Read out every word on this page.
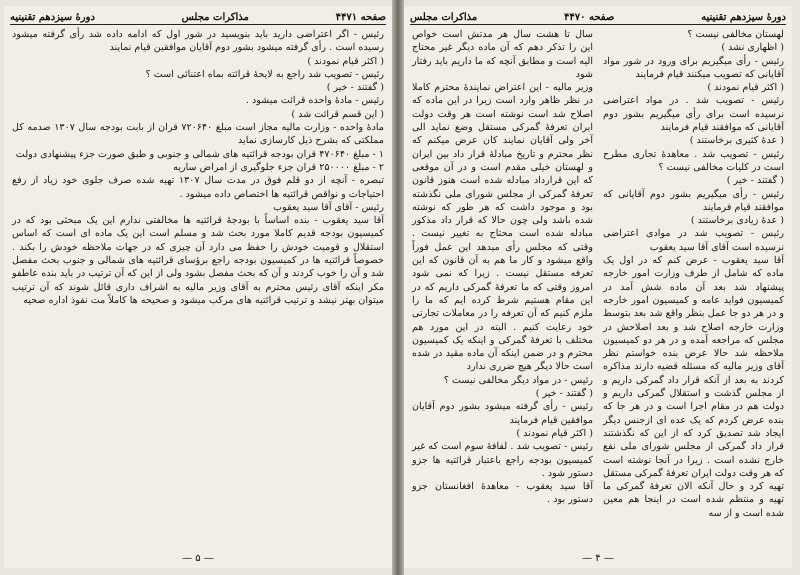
صفحه ۴۴۷۱
مذاکرات مجلس
دورهٔ سیزدهم تقنینیه

رئیس - اگر اعتراضی دارید باید بنویسید در شور اول که ادامه داده شد رأی گرفته میشود رسیده است . رأی گرفته میشود بشور دوم آقایان موافقین قیام نمایند
( اکثر قیام نمودند )
رئیس - تصویب شد راجع به لایحهٔ قرائته بماه اعتنائی است ؟
( گفتند - خیر )
رئیس - مادهٔ واحده قرائت میشود .
( این قسم قرائت شد )
مادهٔ واحده - وزارت مالیه مجاز است مبلغ ۷۲۰۶۴۰ قران از بابت بودجه سال ۱۳۰۷ صدمه کل مملکتی که بشرح ذیل کارسازی نماید
۱ - مبلغ ۴۷۰۶۴۰ قران بودجه قرائتیه های شمالی و جنوبی و طبق صورت جزء پیشنهادی دولت
۲ - مبلغ ۲۵۰۰۰۰ قران جزء جلوگیری از امراض ساریه
تبصره - آنچه از دو قلم فوق در مدت سال ۱۳۰۷ تهیه شده صرف جلوی خود زیاد از رفع احتیاجات و نواقص قرائتیه ها اختصاص داده میشود .
رئیس - آقای آقا سید یعقوب
آقا سید یعقوب - بنده اساساً با بودجهٔ قرائتیه ها مخالفتی ندارم این یک مبحثی بود که در کمیسیون بودجه قدیم کاملا مورد بحث شد و مسلم است این یک ماده ای است که اساس استقلال و قومیت خودش را حفظ می دارد آن چیزی که در جهات ملاحظه خودش را بکند . خصوصاً قرائتیه ها در کمیسیون بودجه راجع برؤسای قرائتیه های شمالی و جنوب بحث مفصل شد و آن را خوب کردند و آن که بحث مفصل بشود ولی از این که آن ترتیب در باید بنده عاطفو مکر اینکه آقای رئیس محترم به آقای وزیر مالیه به اشراف داری قائل شوند که آن ترتیب میتوان بهتر نیشد و ترتیب قرائتیه های مرکب میشود و صحیحه ها کاملاً مت نفوذ اداره صحیه

— ۵ —
دورهٔ سیزدهم تقنینیه
صفحه ۴۴۷۰
مذاکرات مجلس

لهستان مخالفی نیست ؟
( اظهاری نشد )
رئیس - رأی میگیریم برای ورود در شور مواد آقایانی که تصویب میکنند قیام فرمایند
( اکثر قیام نمودند )
رئیس - تصویب شد . در مواد اعتراضی نرسیده است برای رأی میگیریم بشور دوم آقایانی که موافقند قیام فرمایند
( عدهٔ کثیری برخاستند )
رئیس - تصویب شد . معاهدهٔ تجاری مطرح است در کلیات مخالفی نیست ؟
( گفتند - خیر )
رئیس - رأی میگیریم بشور دوم آقایانی که موافقند قیام فرمایند
( عدهٔ زیادی برخاستند )
رئیس - تصویب شد در موادی اعتراضی نرسیده است آقای آقا سید یعقوب
آقا سید یعقوب - عرض کنم که در اول یک ماده که شامل از طرف وزارت امور خارجه پیشنهاد شد بعد آن ماده شش آمد در کمیسیون فواید عامه و کمیسیون امور خارجه و در هر دو جا عمل بنظر واقع شد بعد بتوسط وزارت خارجه اصلاح شد و بعد اصلاحش در مجلس که مراجعه آمده و در هر دو کمیسیون ملاحظه شد حالا عرض بنده خواستم نظر آقای وزیر مالیه که مسئله قضیه دارند مذاکره کردند به بعد از آنکه قرار داد گمرکی داریم و از مجلس گذشت و استقلال گمرکی داریم و دولت هم در مقام اجرا است و در هر جا که بنده عرض کردم که یک عده ای ازجنس دیگر ایجاد شد تصدیق کرد که از این که نگذشتند قرار داد گمرکی از مجلس شورای ملی نفع خارج نشده است . زیرا در آنجا نوشته است که هر وقت دولت ایران تعرفهٔ گمرکی مستقل تهیه کرد و حال آنکه الان تعرفهٔ گمرکی ما تهیه و منتظم شده است در اینجا هم معین شده است و از سه

سال تا هشت سال هر مدتش است خواص این را تذکر دهم که آن ماده دیگر غیر محتاج الیه است و مطابق آنچه که ما داریم باید رفتار شود
وزیر مالیه - این اعتراض نمایندهٔ محترم کاملا در نظر ظاهر وارد است زیرا در این ماده که اصلاح شد است نوشته است هر وقت دولت ایران تعرفهٔ گمرکی مستقل وضع نماید الی آخر ولی آقایان نمایند کان عرض میکنم که نظر محترم و تاریخ مبادلهٔ قرار داد بین ایران و لهستان خیلی مقدم است و در آن موقعی که این قرارداد مبادله شده است هنوز قانون تعرفهٔ گمرکی از مجلس شورای ملی نگذشته بود و موجود داشت که هر طور که نوشته شده باشد ولی چون حالا که قرار داد مذکور مبادله شده است محتاج به تغییر نیست . وقتی که مجلس رأی میدهد این عمل فوراً واقع میشود و کار ما هم به آن قانون که این تعرفه مستقل نیست . زیرا که نمی شود امروز وقتی که ما تعرفهٔ گمرکی داریم که در این مقام هستیم شرط کرده ایم که ما را ملزم کنیم که آن تعرفه را در معاملات تجارتی خود رعایت کنیم . البته در این مورد هم مختلف با تعرفهٔ گمرکی و اینکه یک کمیسیون محترم و در ضمن اینکه آن ماده مقید در شده است حالا دیگر هیچ ضرری ندارد
رئیس - در مواد دیگر مخالفی نیست ؟
( گفتند - خیر )
رئیس - رأی گرفته میشود بشور دوم آقایان موافقین قیام فرمایند
( اکثر قیام نمودند )
رئیس - تصویب شد . لفافهٔ سوم است که غیر کمیسیون بودجه راجع باعتبار قرائتیه ها جزو دستور شود .
آقا سید یعقوب - معاهدهٔ افغانستان جزو دستور بود .

— ۴ —
